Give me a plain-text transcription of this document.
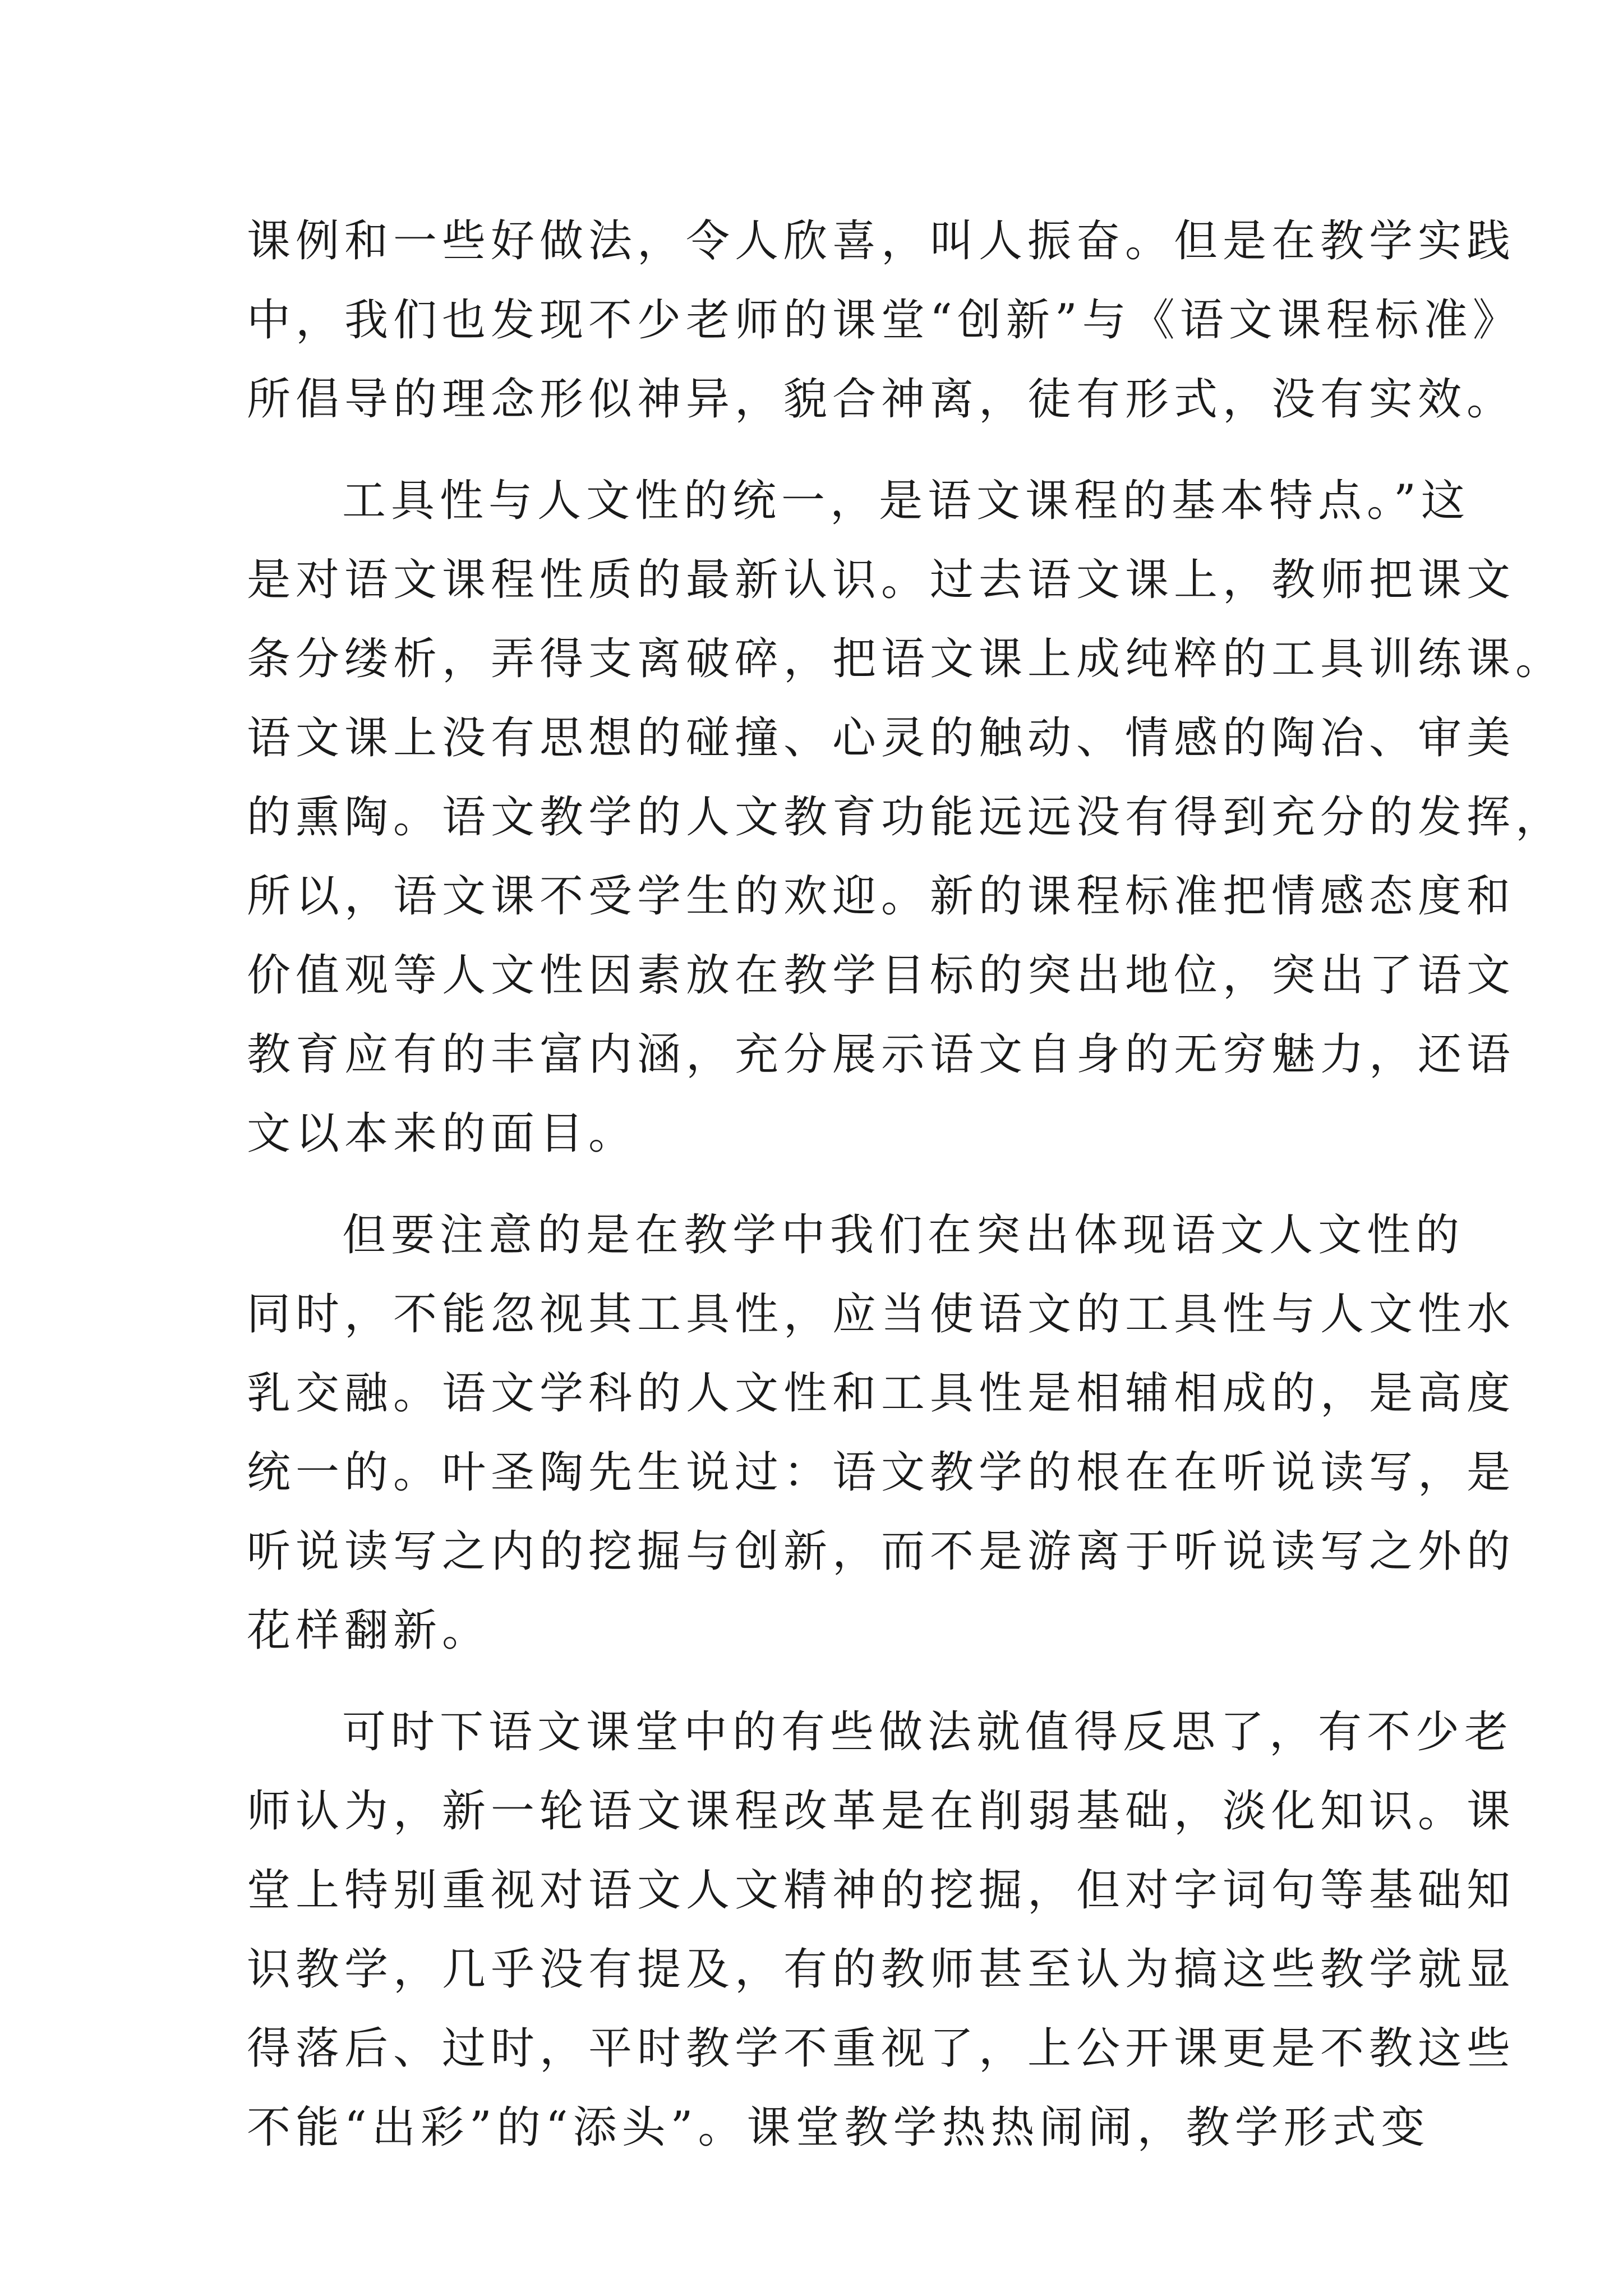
课例和一些好做法，令人欣喜，叫人振奋。但是在教学实践
中，我们也发现不少老师的课堂“创新”与《语文课程标准》
所倡导的理念形似神异，貌合神离，徒有形式，没有实效。

工具性与人文性的统一，是语文课程的基本特点。”这
是对语文课程性质的最新认识。过去语文课上，教师把课文
条分缕析，弄得支离破碎，把语文课上成纯粹的工具训练课。
语文课上没有思想的碰撞、心灵的触动、情感的陶冶、审美
的熏陶。语文教学的人文教育功能远远没有得到充分的发挥，
所以，语文课不受学生的欢迎。新的课程标准把情感态度和
价值观等人文性因素放在教学目标的突出地位，突出了语文
教育应有的丰富内涵，充分展示语文自身的无穷魅力，还语
文以本来的面目。

但要注意的是在教学中我们在突出体现语文人文性的
同时，不能忽视其工具性，应当使语文的工具性与人文性水
乳交融。语文学科的人文性和工具性是相辅相成的，是高度
统一的。叶圣陶先生说过：语文教学的根在在听说读写，是
听说读写之内的挖掘与创新，而不是游离于听说读写之外的
花样翻新。

可时下语文课堂中的有些做法就值得反思了，有不少老
师认为，新一轮语文课程改革是在削弱基础，淡化知识。课
堂上特别重视对语文人文精神的挖掘，但对字词句等基础知
识教学，几乎没有提及，有的教师甚至认为搞这些教学就显
得落后、过时，平时教学不重视了，上公开课更是不教这些
不能“出彩”的“添头”。课堂教学热热闹闹，教学形式变
